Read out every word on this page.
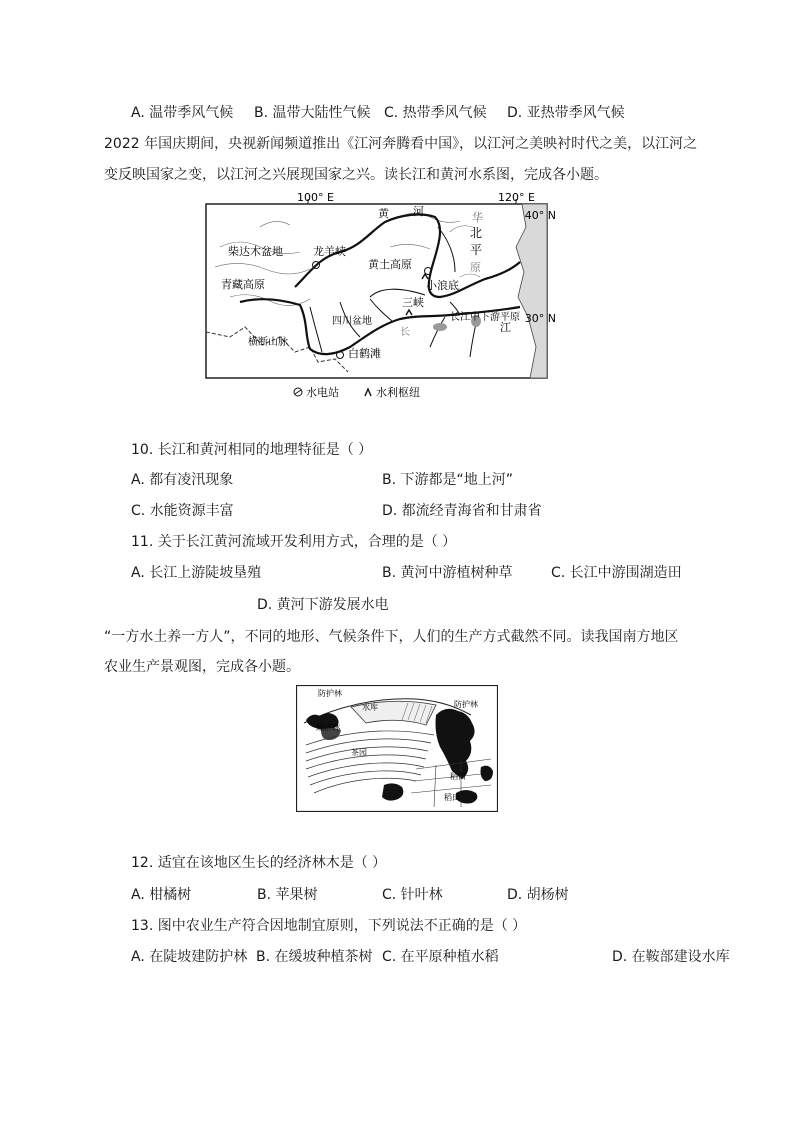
A. 温带季风气候 B. 温带大陆性气候 C. 热带季风气候 D. 亚热带季风气候
2022 年国庆期间，央视新闻频道推出《江河奔腾看中国》，以江河之美映衬时代之美，以江河之
变反映国家之变，以江河之兴展现国家之兴。读长江和黄河水系图，完成各小题。
100° E	120° E
40° N
30° N
黄 河	华
北
平
原
柴达木盆地	龙羊峡
黄土高原
青藏高原	小浪底
三峡
四川盆地	长江中下游平原
江
长
横断山脉
白鹤滩
水电站	水利枢纽
10. 长江和黄河相同的地理特征是（ ）
A. 都有凌汛现象	B. 下游都是“地上河”
C. 水能资源丰富	D. 都流经青海省和甘肃省
11. 关于长江黄河流域开发利用方式，合理的是（ ）
A. 长江上游陡坡垦殖	B. 黄河中游植树种草	C. 长江中游围湖造田
D. 黄河下游发展水电
“一方水土养一方人”，不同的地形、气候条件下，人们的生产方式截然不同。读我国南方地区
农业生产景观图，完成各小题。
防护林
水库	防护林
经济林
茶园
稻田
稻田
12. 适宜在该地区生长的经济林木是（ ）
A. 柑橘树	B. 苹果树	C. 针叶林	D. 胡杨树
13. 图中农业生产符合因地制宜原则，下列说法不正确的是（ ）
A. 在陡坡建防护林 B. 在缓坡种植茶树 C. 在平原种植水稻	D. 在鞍部建设水库
